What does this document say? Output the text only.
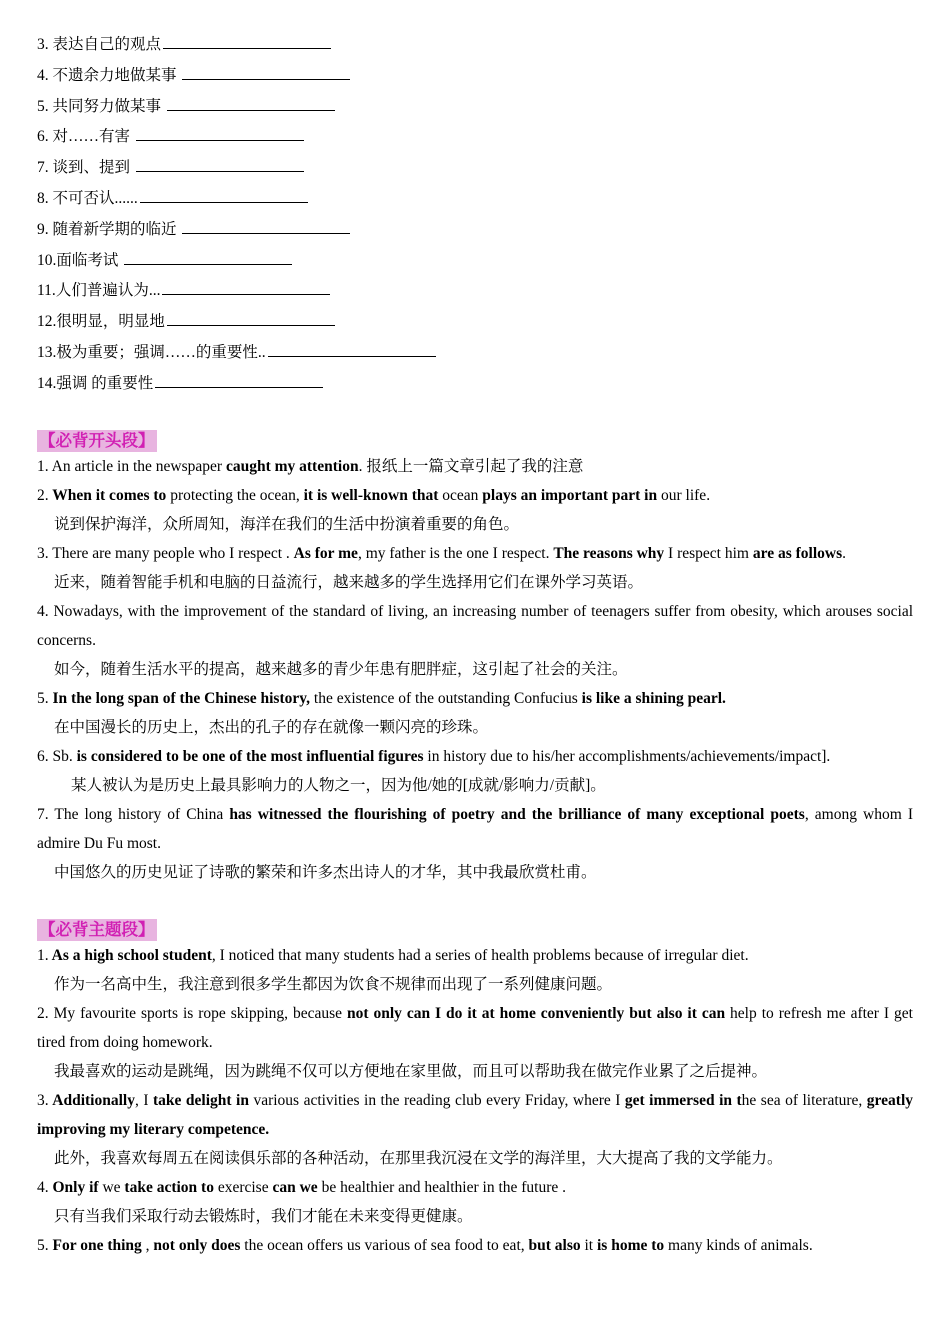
3. 表达自己的观点
4. 不遗余力地做某事
5. 共同努力做某事
6. 对……有害
7. 谈到、提到
8. 不可否认......
9. 随着新学期的临近
10.面临考试
11.人们普遍认为...
12.很明显，明显地
13.极为重要；强调……的重要性..
14.强调 的重要性
【必背开头段】
1. An article in the newspaper caught my attention. 报纸上一篇文章引起了我的注意
2. When it comes to protecting the ocean, it is well-known that ocean plays an important part in our life.
说到保护海洋，众所周知，海洋在我们的生活中扮演着重要的角色。
3. There are many people who I respect . As for me, my father is the one I respect. The reasons why I respect him are as follows.
近来，随着智能手机和电脑的日益流行，越来越多的学生选择用它们在课外学习英语。
4. Nowadays, with the improvement of the standard of living, an increasing number of teenagers suffer from obesity, which arouses social concerns.
如今，随着生活水平的提高，越来越多的青少年患有肥胖症，这引起了社会的关注。
5. In the long span of the Chinese history, the existence of the outstanding Confucius is like a shining pearl.
在中国漫长的历史上，杰出的孔子的存在就像一颗闪亮的珍珠。
6. Sb. is considered to be one of the most influential figures in history due to his/her accomplishments/achievements/impact].
某人被认为是历史上最具影响力的人物之一，因为他/她的[成就/影响力/贡献]。
7. The long history of China has witnessed the flourishing of poetry and the brilliance of many exceptional poets, among whom I admire Du Fu most.
中国悠久的历史见证了诗歌的繁荣和许多杰出诗人的才华，其中我最欣赏杜甫。
【必背主题段】
1. As a high school student, I noticed that many students had a series of health problems because of irregular diet.
作为一名高中生，我注意到很多学生都因为饮食不规律而出现了一系列健康问题。
2. My favourite sports is rope skipping, because not only can I do it at home conveniently but also it can help to refresh me after I get tired from doing homework.
我最喜欢的运动是跳绳，因为跳绳不仅可以方便地在家里做，而且可以帮助我在做完作业累了之后提神。
3. Additionally, I take delight in various activities in the reading club every Friday, where I get immersed in the sea of literature, greatly improving my literary competence.
此外，我喜欢每周五在阅读俱乐部的各种活动，在那里我沉浸在文学的海洋里，大大提高了我的文学能力。
4. Only if we take action to exercise can we be healthier and healthier in the future .
只有当我们采取行动去锻炼时，我们才能在未来变得更健康。
5. For one thing , not only does the ocean offers us various of sea food to eat, but also it is home to many kinds of animals.
